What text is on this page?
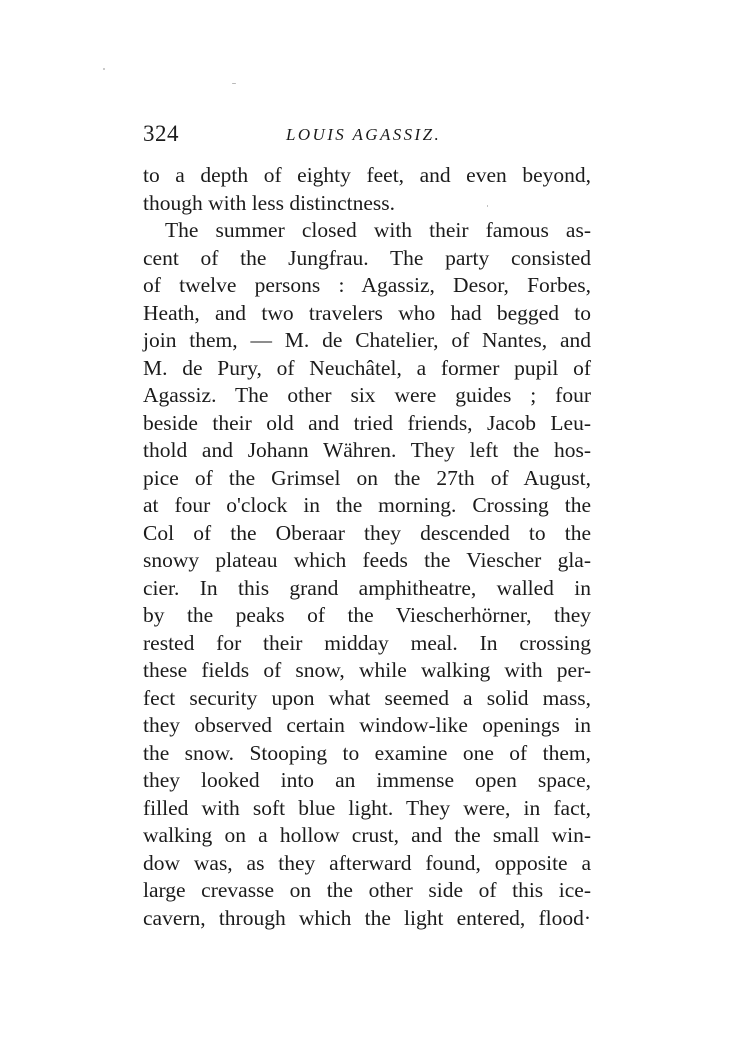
324	LOUIS AGASSIZ.
to a depth of eighty feet, and even beyond,
though with less distinctness.
The summer closed with their famous as-
cent of the Jungfrau. The party consisted
of twelve persons : Agassiz, Desor, Forbes,
Heath, and two travelers who had begged to
join them, — M. de Chatelier, of Nantes, and
M. de Pury, of Neuchâtel, a former pupil of
Agassiz. The other six were guides ; four
beside their old and tried friends, Jacob Leu-
thold and Johann Währen. They left the hos-
pice of the Grimsel on the 27th of August,
at four o'clock in the morning. Crossing the
Col of the Oberaar they descended to the
snowy plateau which feeds the Viescher gla-
cier. In this grand amphitheatre, walled in
by the peaks of the Viescherhörner, they
rested for their midday meal. In crossing
these fields of snow, while walking with per-
fect security upon what seemed a solid mass,
they observed certain window-like openings in
the snow. Stooping to examine one of them,
they looked into an immense open space,
filled with soft blue light. They were, in fact,
walking on a hollow crust, and the small win-
dow was, as they afterward found, opposite a
large crevasse on the other side of this ice-
cavern, through which the light entered, flood·
